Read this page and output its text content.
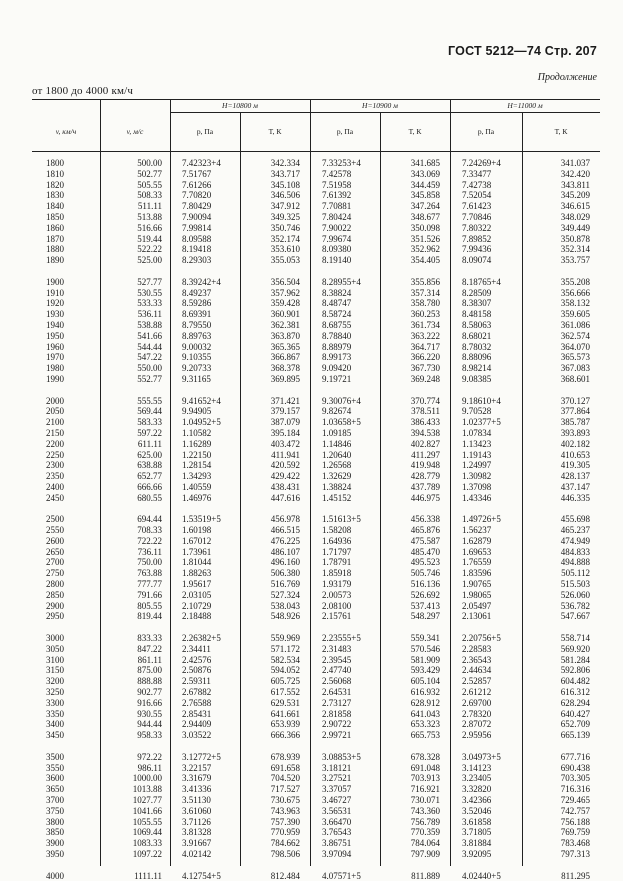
ГОСТ 5212—74 Стр. 207
Продолжение
от 1800 до 4000 км/ч
v, км/ч	v, м/с
H=10800 м	H=10900 м	H=11000 м
p, Па	T, К	p, Па	T, К	p, Па	T, К
1800	500.00	7.42323+4	342.334	7.33253+4	341.685	7.24269+4	341.037
1810	502.77	7.51767	343.717	7.42578	343.069	7.33477	342.420
1820	505.55	7.61266	345.108	7.51958	344.459	7.42738	343.811
1830	508.33	7.70820	346.506	7.61392	345.858	7.52054	345.209
1840	511.11	7.80429	347.912	7.70881	347.264	7.61423	346.615
1850	513.88	7.90094	349.325	7.80424	348.677	7.70846	348.029
1860	516.66	7.99814	350.746	7.90022	350.098	7.80322	349.449
1870	519.44	8.09588	352.174	7.99674	351.526	7.89852	350.878
1880	522.22	8.19418	353.610	8.09380	352.962	7.99436	352.314
1890	525.00	8.29303	355.053	8.19140	354.405	8.09074	353.757
1900	527.77	8.39242+4	356.504	8.28955+4	355.856	8.18765+4	355.208
1910	530.55	8.49237	357.962	8.38824	357.314	8.28509	356.666
1920	533.33	8.59286	359.428	8.48747	358.780	8.38307	358.132
1930	536.11	8.69391	360.901	8.58724	360.253	8.48158	359.605
1940	538.88	8.79550	362.381	8.68755	361.734	8.58063	361.086
1950	541.66	8.89763	363.870	8.78840	363.222	8.68021	362.574
1960	544.44	9.00032	365.365	8.88979	364.717	8.78032	364.070
1970	547.22	9.10355	366.867	8.99173	366.220	8.88096	365.573
1980	550.00	9.20733	368.378	9.09420	367.730	8.98214	367.083
1990	552.77	9.31165	369.895	9.19721	369.248	9.08385	368.601
2000	555.55	9.41652+4	371.421	9.30076+4	370.774	9.18610+4	370.127
2050	569.44	9.94905	379.157	9.82674	378.511	9.70528	377.864
2100	583.33	1.04952+5	387.079	1.03658+5	386.433	1.02377+5	385.787
2150	597.22	1.10582	395.184	1.09185	394.538	1.07834	393.893
2200	611.11	1.16289	403.472	1.14846	402.827	1.13423	402.182
2250	625.00	1.22150	411.941	1.20640	411.297	1.19143	410.653
2300	638.88	1.28154	420.592	1.26568	419.948	1.24997	419.305
2350	652.77	1.34293	429.422	1.32629	428.779	1.30982	428.137
2400	666.66	1.40559	438.431	1.38824	437.789	1.37098	437.147
2450	680.55	1.46976	447.616	1.45152	446.975	1.43346	446.335
2500	694.44	1.53519+5	456.978	1.51613+5	456.338	1.49726+5	455.698
2550	708.33	1.60198	466.515	1.58208	465.876	1.56237	465.237
2600	722.22	1.67012	476.225	1.64936	475.587	1.62879	474.949
2650	736.11	1.73961	486.107	1.71797	485.470	1.69653	484.833
2700	750.00	1.81044	496.160	1.78791	495.523	1.76559	494.888
2750	763.88	1.88263	506.380	1.85918	505.746	1.83596	505.112
2800	777.77	1.95617	516.769	1.93179	516.136	1.90765	515.503
2850	791.66	2.03105	527.324	2.00573	526.692	1.98065	526.060
2900	805.55	2.10729	538.043	2.08100	537.413	2.05497	536.782
2950	819.44	2.18488	548.926	2.15761	548.297	2.13061	547.667
3000	833.33	2.26382+5	559.969	2.23555+5	559.341	2.20756+5	558.714
3050	847.22	2.34411	571.172	2.31483	570.546	2.28583	569.920
3100	861.11	2.42576	582.534	2.39545	581.909	2.36543	581.284
3150	875.00	2.50876	594.052	2.47740	593.429	2.44634	592.806
3200	888.88	2.59311	605.725	2.56068	605.104	2.52857	604.482
3250	902.77	2.67882	617.552	2.64531	616.932	2.61212	616.312
3300	916.66	2.76588	629.531	2.73127	628.912	2.69700	628.294
3350	930.55	2.85431	641.661	2.81858	641.043	2.78320	640.427
3400	944.44	2.94409	653.939	2.90722	653.323	2.87072	652.709
3450	958.33	3.03522	666.366	2.99721	665.753	2.95956	665.139
3500	972.22	3.12772+5	678.939	3.08853+5	678.328	3.04973+5	677.716
3550	986.11	3.22157	691.658	3.18121	691.048	3.14123	690.438
3600	1000.00	3.31679	704.520	3.27521	703.913	3.23405	703.305
3650	1013.88	3.41336	717.527	3.37057	716.921	3.32820	716.316
3700	1027.77	3.51130	730.675	3.46727	730.071	3.42366	729.465
3750	1041.66	3.61060	743.963	3.56531	743.360	3.52046	742.757
3800	1055.55	3.71126	757.390	3.66470	756.789	3.61858	756.188
3850	1069.44	3.81328	770.959	3.76543	770.359	3.71805	769.759
3900	1083.33	3.91667	784.662	3.86751	784.064	3.81884	783.468
3950	1097.22	4.02142	798.506	3.97094	797.909	3.92095	797.313
4000	1111.11	4.12754+5	812.484	4.07571+5	811.889	4.02440+5	811.295
